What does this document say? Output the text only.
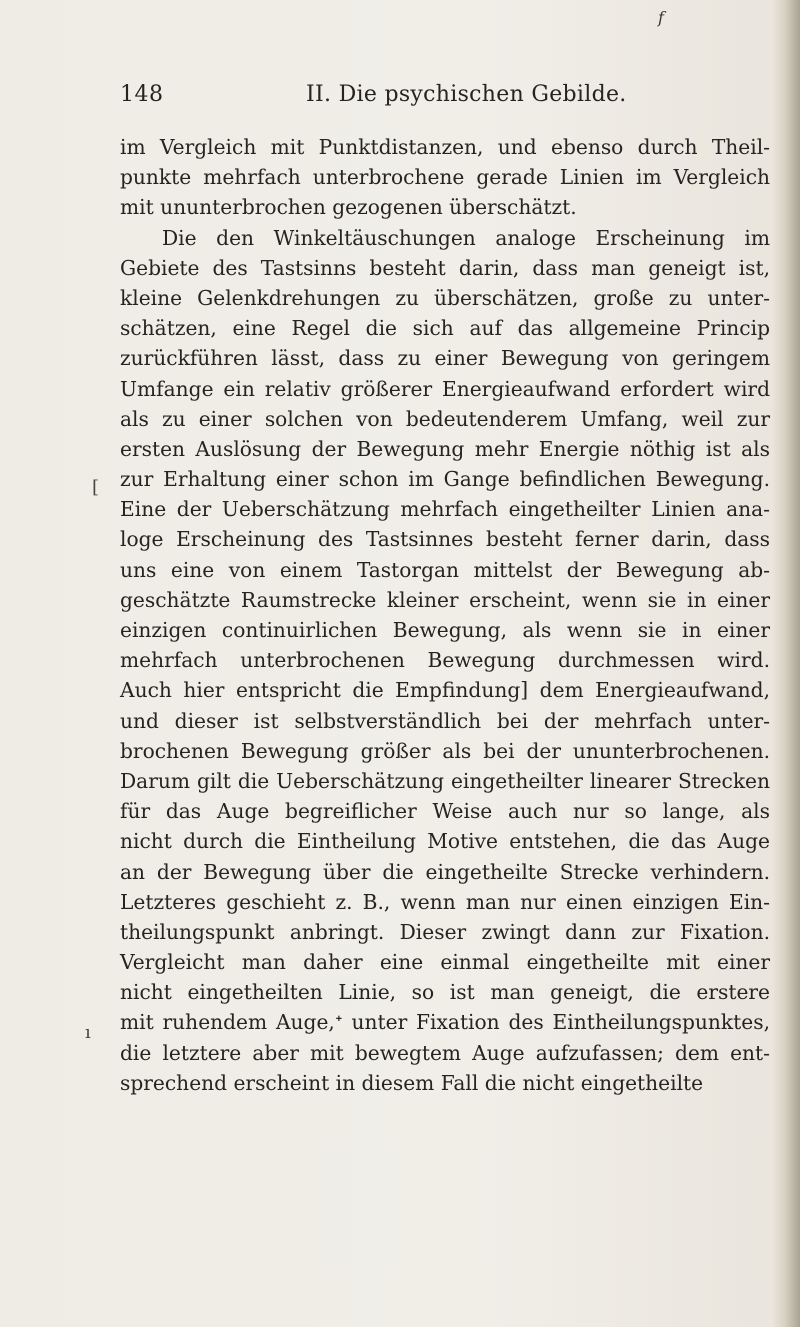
f
148	II. Die psychischen Gebilde.
[
ı
im Vergleich mit Punktdistanzen, und ebenso durch Theil-
punkte mehrfach unterbrochene gerade Linien im Vergleich
mit ununterbrochen gezogenen überschätzt.
Die den Winkeltäuschungen analoge Erscheinung im
Gebiete des Tastsinns besteht darin, dass man geneigt ist,
kleine Gelenkdrehungen zu überschätzen, große zu unter-
schätzen, eine Regel die sich auf das allgemeine Princip
zurückführen lässt, dass zu einer Bewegung von geringem
Umfange ein relativ größerer Energieaufwand erfordert wird
als zu einer solchen von bedeutenderem Umfang, weil zur
ersten Auslösung der Bewegung mehr Energie nöthig ist als
zur Erhaltung einer schon im Gange befindlichen Bewegung.
Eine der Ueberschätzung mehrfach eingetheilter Linien ana-
loge Erscheinung des Tastsinnes besteht ferner darin, dass
uns eine von einem Tastorgan mittelst der Bewegung ab-
geschätzte Raumstrecke kleiner erscheint, wenn sie in einer
einzigen continuirlichen Bewegung, als wenn sie in einer
mehrfach unterbrochenen Bewegung durchmessen wird.
Auch hier entspricht die Empfindung] dem Energieaufwand,
und dieser ist selbstverständlich bei der mehrfach unter-
brochenen Bewegung größer als bei der ununterbrochenen.
Darum gilt die Ueberschätzung eingetheilter linearer Strecken
für das Auge begreiflicher Weise auch nur so lange, als
nicht durch die Eintheilung Motive entstehen, die das Auge
an der Bewegung über die eingetheilte Strecke verhindern.
Letzteres geschieht z. B., wenn man nur einen einzigen Ein-
theilungspunkt anbringt. Dieser zwingt dann zur Fixation.
Vergleicht man daher eine einmal eingetheilte mit einer
nicht eingetheilten Linie, so ist man geneigt, die erstere
mit ruhendem Auge,ᐩ unter Fixation des Eintheilungspunktes,
die letztere aber mit bewegtem Auge aufzufassen; dem ent-
sprechend erscheint in diesem Fall die nicht eingetheilte
